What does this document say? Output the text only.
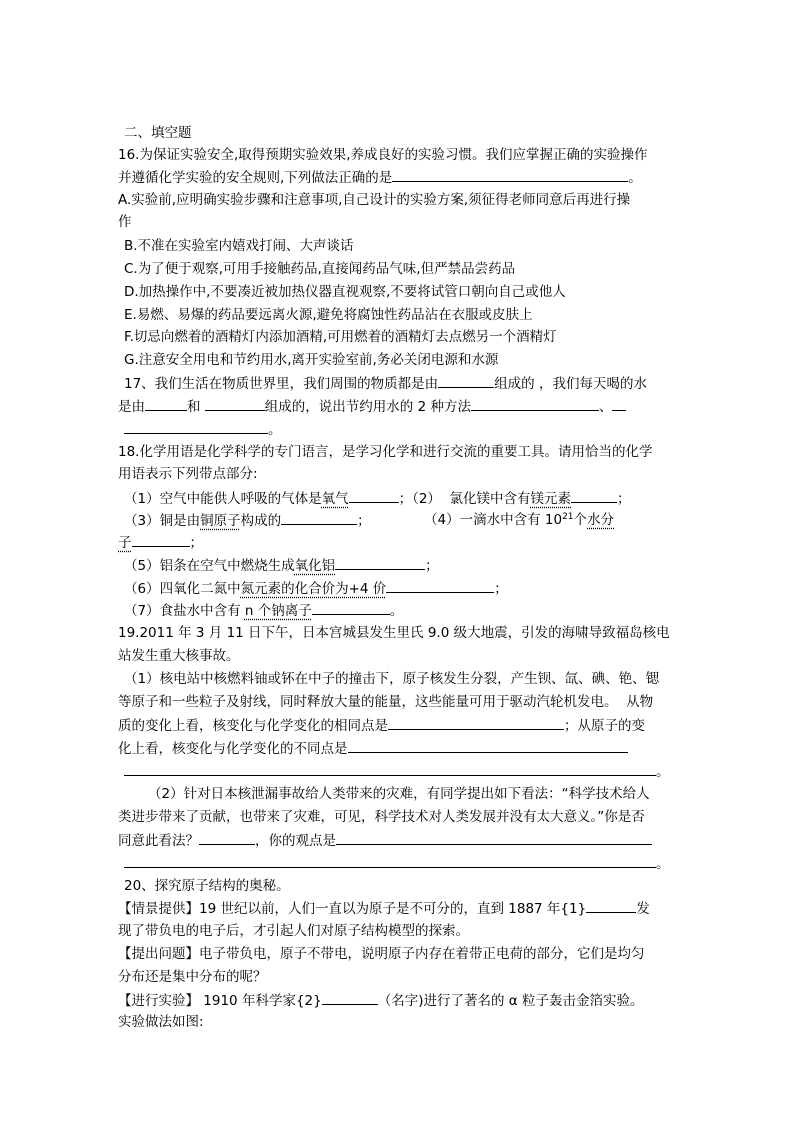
二、填空题
16.为保证实验安全,取得预期实验效果,养成良好的实验习惯。我们应掌握正确的实验操作
并遵循化学实验的安全规则,下列做法正确的是	。
A.实验前,应明确实验步骤和注意事项,自己设计的实验方案,须征得老师同意后再进行操
作
B.不准在实验室内嬉戏打闹、大声谈话
C.为了便于观察,可用手接触药品,直接闻药品气味,但严禁品尝药品
D.加热操作中,不要凑近被加热仪器直视观察,不要将试管口朝向自己或他人
E.易燃、易爆的药品要远离火源,避免将腐蚀性药品沾在衣服或皮肤上
F.切忌向燃着的酒精灯内添加酒精,可用燃着的酒精灯去点燃另一个酒精灯
G.注意安全用电和节约用水,离开实验室前,务必关闭电源和水源
17、我们生活在物质世界里，我们周围的物质都是由	组成的 ，我们每天喝的水
是由	和	组成的，说出节约用水的 2 种方法	、
。
18.化学用语是化学科学的专门语言，是学习化学和进行交流的重要工具。请用恰当的化学
用语表示下列带点部分:
（1）空气中能供人呼吸的气体是氧气	；（2）  氯化镁中含有镁元素	；
（3）铜是由铜原子构成的	；	（4）一滴水中含有 $10^{21}$个水分
子	；
（5）铝条在空气中燃烧生成氧化铝	；
（6）四氧化二氮中氮元素的化合价为+4 价	；
（7）食盐水中含有 n 个钠离子	。
19.2011 年 3 月 11 日下午，日本宫城县发生里氏 9.0 级大地震，引发的海啸导致福岛核电
站发生重大核事故。
（1）核电站中核燃料铀或钚在中子的撞击下，原子核发生分裂，产生钡、氙、碘、铯、锶
等原子和一些粒子及射线，同时释放大量的能量，这些能量可用于驱动汽轮机发电。  从物
质的变化上看，核变化与化学变化的相同点是	；从原子的变
化上看，核变化与化学变化的不同点是
。
（2）针对日本核泄漏事故给人类带来的灾难，有同学提出如下看法：“科学技术给人
类进步带来了贡献，也带来了灾难，可见，科学技术对人类发展并没有太大意义。”你是否
同意此看法？	，你的观点是
。
20、探究原子结构的奥秘。
【情景提供】19 世纪以前，人们一直以为原子是不可分的，直到 1887 年{1}	发
现了带负电的电子后，才引起人们对原子结构模型的探索。
【提出问题】电子带负电，原子不带电，说明原子内存在着带正电荷的部分，它们是均匀
分布还是集中分布的呢？
【进行实验】 1910 年科学家{2}	（名字)进行了著名的 α 粒子轰击金箔实验。
实验做法如图:
